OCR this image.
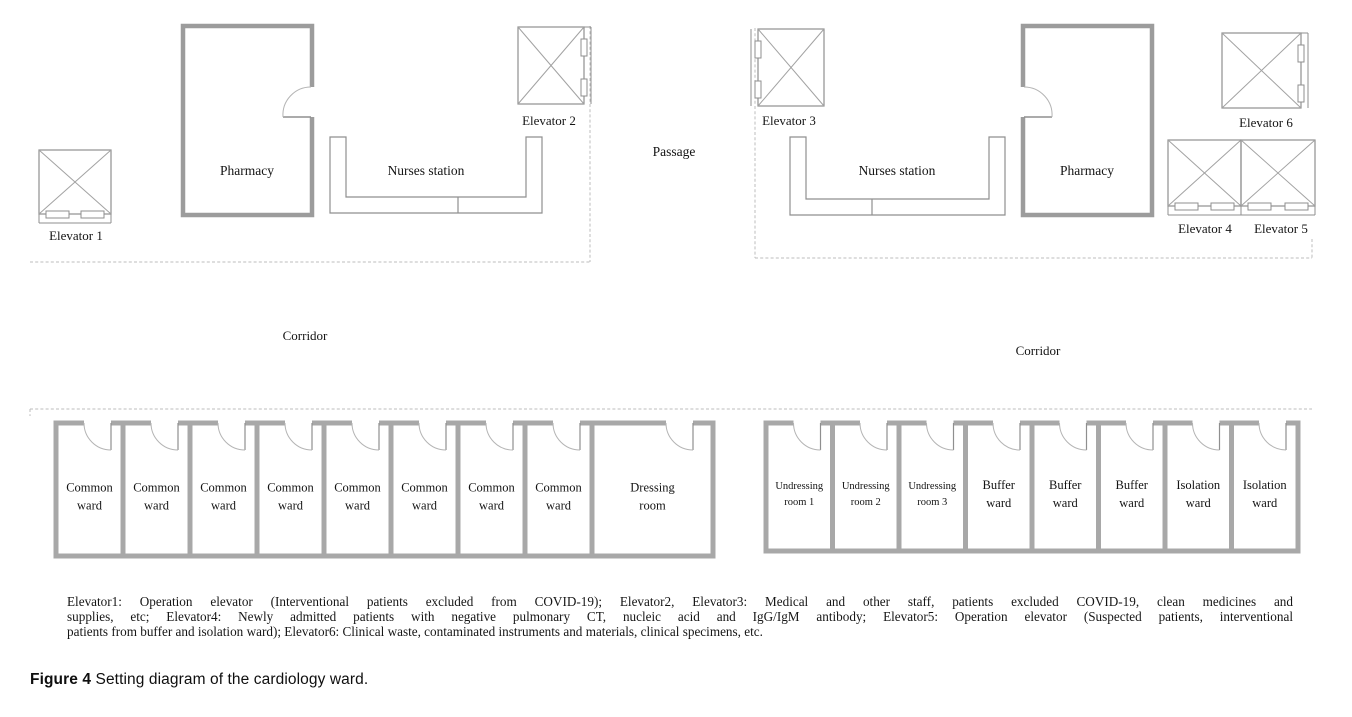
Elevator 1
Elevator 2	Elevator 3
Elevator 4 Elevator 5
Elevator 6
Pharmacy	Pharmacy
Nurses station	Nurses station
Passage
Corridor
Corridor
Common ward
Common ward
Common ward
Common ward
Common ward
Common ward
Common ward
Common ward
Dressing room
Undressing room 1
Undressing room 2
Undressing room 3
Buffer ward
Buffer ward
Buffer ward
Isolation ward
Isolation ward
Elevator1: Operation elevator (Interventional patients excluded from COVID-19); Elevator2, Elevator3: Medical and other staff, patients excluded COVID-19, clean medicines and
supplies, etc; Elevator4: Newly admitted patients with negative pulmonary CT, nucleic acid and IgG/IgM antibody; Elevator5: Operation elevator (Suspected patients, interventional
patients from buffer and isolation ward); Elevator6: Clinical waste, contaminated instruments and materials, clinical specimens, etc.
Figure 4 Setting diagram of the cardiology ward.
